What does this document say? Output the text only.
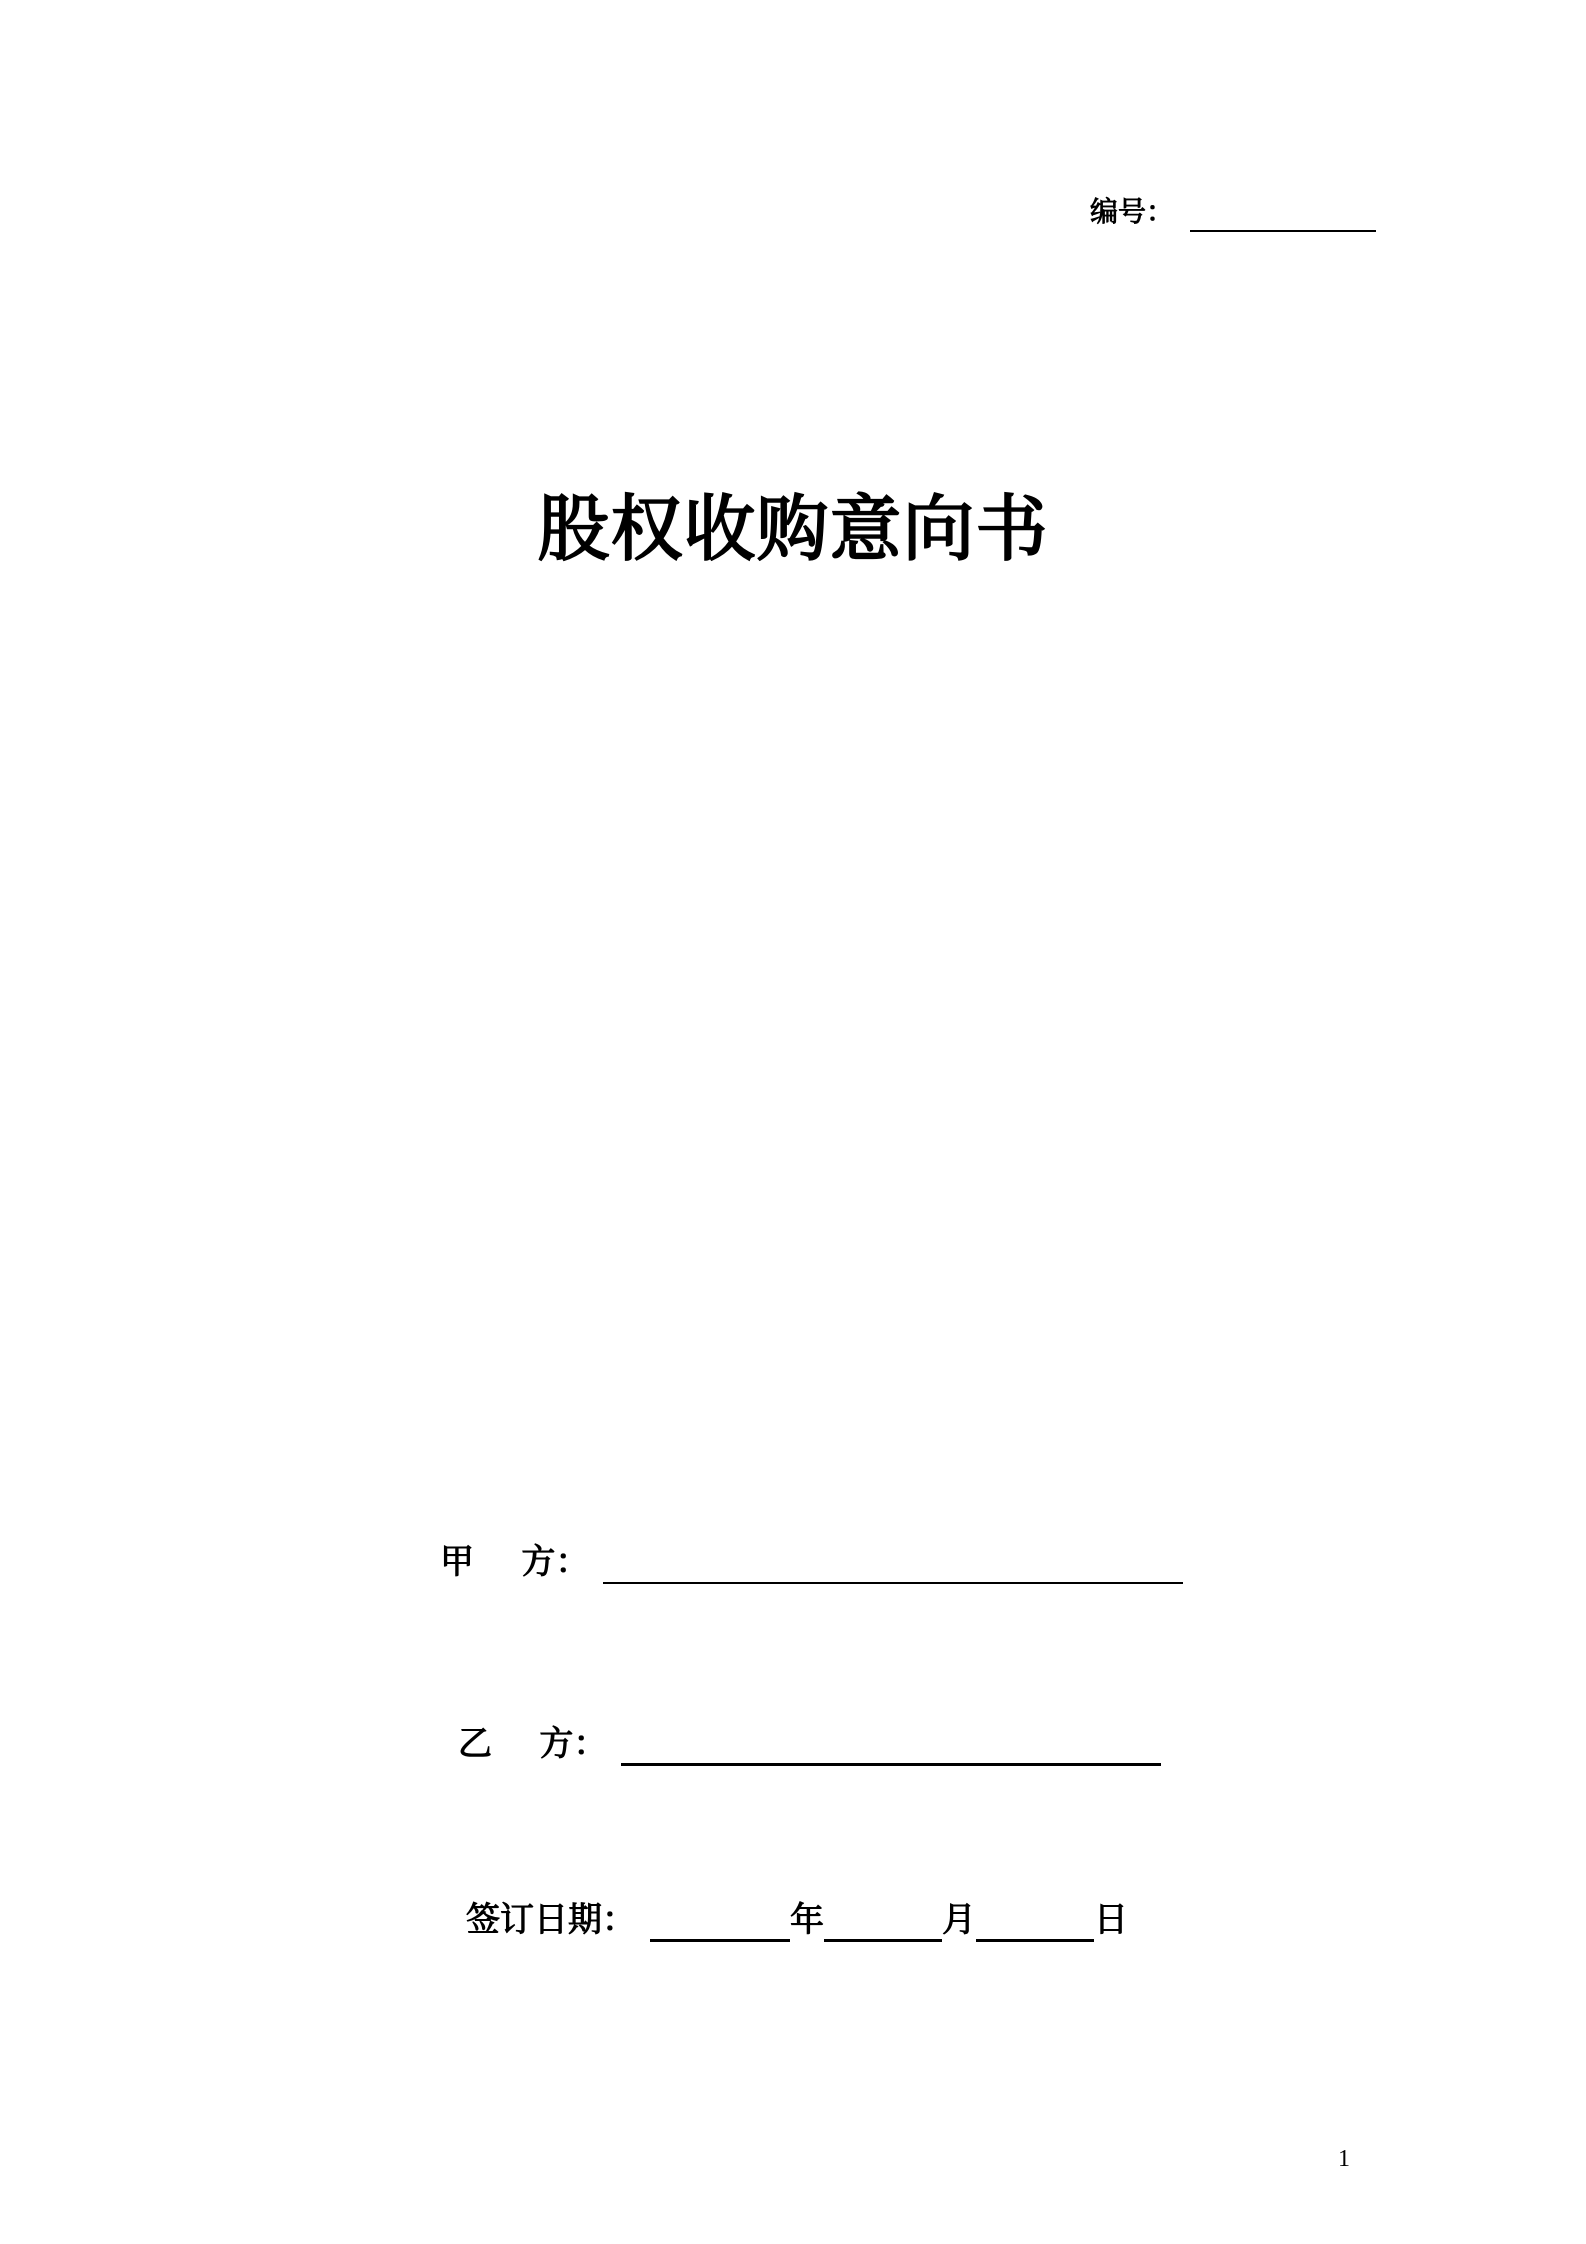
编号：
股权收购意向书
甲    方：
乙    方：
签订日期：	年	月	日
1
